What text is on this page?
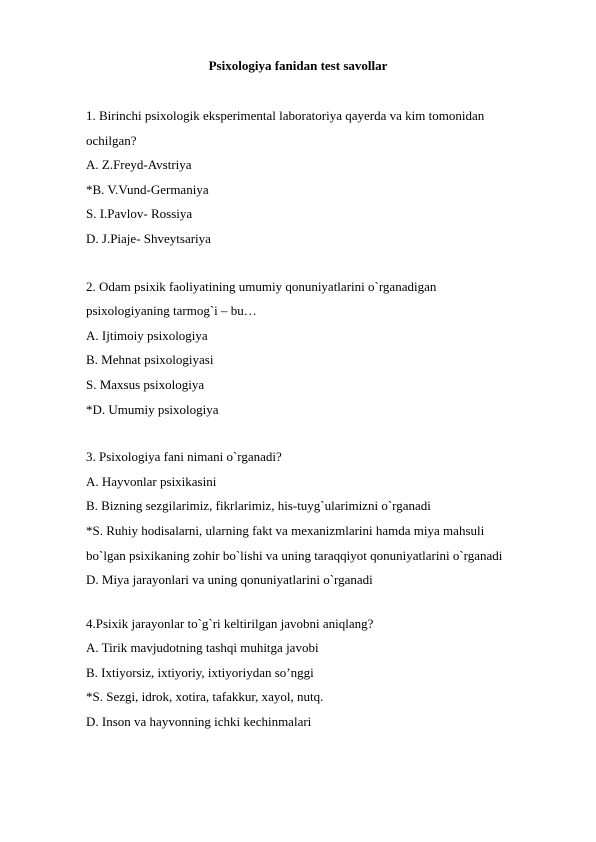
Psixologiya fanidan test savollar
1. Birinchi psixologik eksperimental laboratoriya qayerda va kim tomonidan
ochilgan?
A. Z.Freyd-Avstriya
*B. V.Vund-Germaniya
S. I.Pavlov- Rossiya
D. J.Piaje- Shveytsariya
2. Odam psixik faoliyatining umumiy qonuniyatlarini o`rganadigan
psixologiyaning tarmog`i – bu…
A. Ijtimoiy psixologiya
B. Mehnat psixologiyasi
S. Maxsus psixologiya
*D. Umumiy psixologiya
3. Psixologiya fani nimani o`rganadi?
A. Hayvonlar psixikasini
B. Bizning sezgilarimiz, fikrlarimiz, his-tuyg`ularimizni o`rganadi
*S. Ruhiy hodisalarni, ularning fakt va mexanizmlarini hamda miya mahsuli
bo`lgan psixikaning zohir bo`lishi va uning taraqqiyot qonuniyatlarini o`rganadi
D. Miya jarayonlari va uning qonuniyatlarini o`rganadi
4.Psixik jarayonlar to`g`ri keltirilgan javobni aniqlang?
A. Tirik mavjudotning tashqi muhitga javobi
B. Ixtiyorsiz, ixtiyoriy, ixtiyoriydan so’nggi
*S. Sezgi, idrok, xotira, tafakkur, xayol, nutq.
D. Inson va hayvonning ichki kechinmalari
